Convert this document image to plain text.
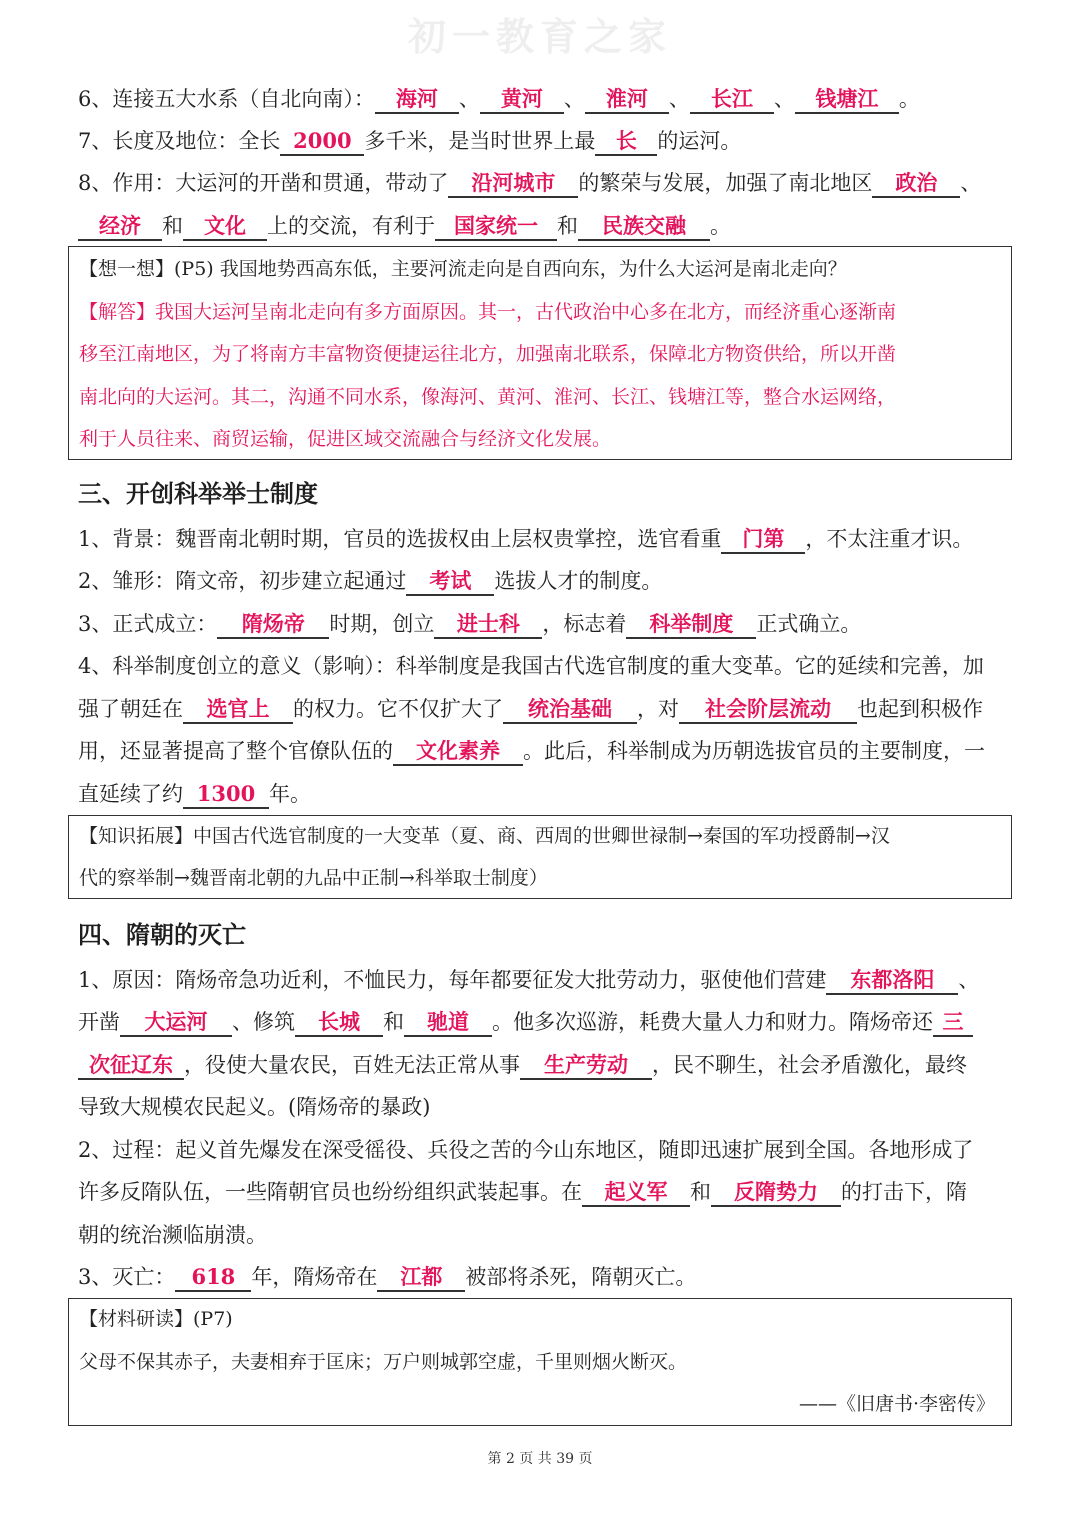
初一教育之家
6、连接五大水系（自北向南）： 海河 、 黄河 、 淮河 、 长江 、 钱塘江 。
7、长度及地位：全长 2000 多千米，是当时世界上最 长 的运河。
8、作用：大运河的开凿和贯通，带动了 沿河城市 的繁荣与发展，加强了南北地区 政治 、
经济 和 文化 上的交流，有利于 国家统一 和 民族交融 。
【想一想】(P5) 我国地势西高东低，主要河流走向是自西向东，为什么大运河是南北走向？
【解答】我国大运河呈南北走向有多方面原因。其一，古代政治中心多在北方，而经济重心逐渐南
移至江南地区，为了将南方丰富物资便捷运往北方，加强南北联系，保障北方物资供给，所以开凿
南北向的大运河。其二，沟通不同水系，像海河、黄河、淮河、长江、钱塘江等，整合水运网络，
利于人员往来、商贸运输，促进区域交流融合与经济文化发展。
三、开创科举举士制度
1、背景：魏晋南北朝时期，官员的选拔权由上层权贵掌控，选官看重 门第 ，不太注重才识。
2、雏形：隋文帝，初步建立起通过 考试 选拔人才的制度。
3、正式成立： 隋炀帝 时期，创立 进士科 ，标志着 科举制度 正式确立。
4、科举制度创立的意义（影响）：科举制度是我国古代选官制度的重大变革。它的延续和完善，加
强了朝廷在 选官上 的权力。它不仅扩大了 统治基础 ，对 社会阶层流动 也起到积极作
用，还显著提高了整个官僚队伍的 文化素养 。此后，科举制成为历朝选拔官员的主要制度，一
直延续了约 1300 年。
【知识拓展】中国古代选官制度的一大变革（夏、商、西周的世卿世禄制→秦国的军功授爵制→汉
代的察举制→魏晋南北朝的九品中正制→科举取士制度）
四、隋朝的灭亡
1、原因：隋炀帝急功近利，不恤民力，每年都要征发大批劳动力，驱使他们营建 东都洛阳 、
开凿 大运河 、修筑 长城 和 驰道 。他多次巡游，耗费大量人力和财力。隋炀帝还 三
次征辽东 ，役使大量农民，百姓无法正常从事 生产劳动 ，民不聊生，社会矛盾激化，最终
导致大规模农民起义。(隋炀帝的暴政)
2、过程：起义首先爆发在深受徭役、兵役之苦的今山东地区，随即迅速扩展到全国。各地形成了
许多反隋队伍，一些隋朝官员也纷纷组织武装起事。在 起义军 和 反隋势力 的打击下，隋
朝的统治濒临崩溃。
3、灭亡： 618 年，隋炀帝在 江都 被部将杀死，隋朝灭亡。
【材料研读】(P7)
父母不保其赤子，夫妻相弃于匡床；万户则城郭空虚，千里则烟火断灭。
——《旧唐书·李密传》
第 2 页 共 39 页
